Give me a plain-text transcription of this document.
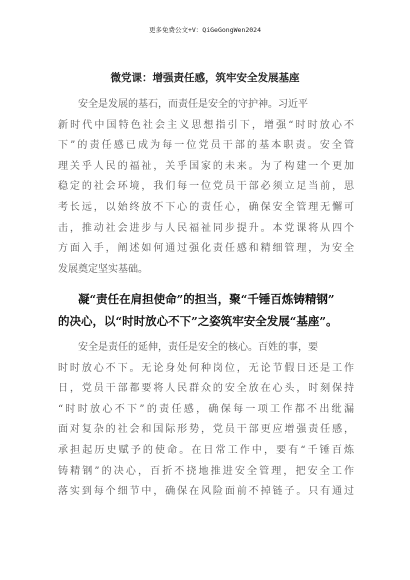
更多免费公文+V：QiGeGongWen2024
微党课：增强责任感，筑牢安全发展基座
安全是发展的基石，而责任是安全的守护神。习近平
新时代中国特色社会主义思想指引下，增强“时时放心不
下”的责任感已成为每一位党员干部的基本职责。安全管
理关乎人民的福祉，关乎国家的未来。为了构建一个更加
稳定的社会环境，我们每一位党员干部必须立足当前，思
考长远，以始终放不下心的责任心，确保安全管理无懈可
击，推动社会进步与人民福祉同步提升。本党课将从四个
方面入手，阐述如何通过强化责任感和精细管理，为安全
发展奠定坚实基础。
凝“责任在肩担使命”的担当，聚“千锤百炼铸精钢”
的决心，以“时时放心不下”之姿筑牢安全发展“基座”。
安全是责任的延伸，责任是安全的核心。百姓的事，要
时时放心不下。无论身处何种岗位，无论节假日还是工作
日，党员干部都要将人民群众的安全放在心头，时刻保持
“时时放心不下”的责任感，确保每一项工作都不出纰漏
面对复杂的社会和国际形势，党员干部更应增强责任感，
承担起历史赋予的使命。在日常工作中，要有“千锤百炼
铸精钢”的决心，百折不挠地推进安全管理，把安全工作
落实到每个细节中，确保在风险面前不掉链子。只有通过
